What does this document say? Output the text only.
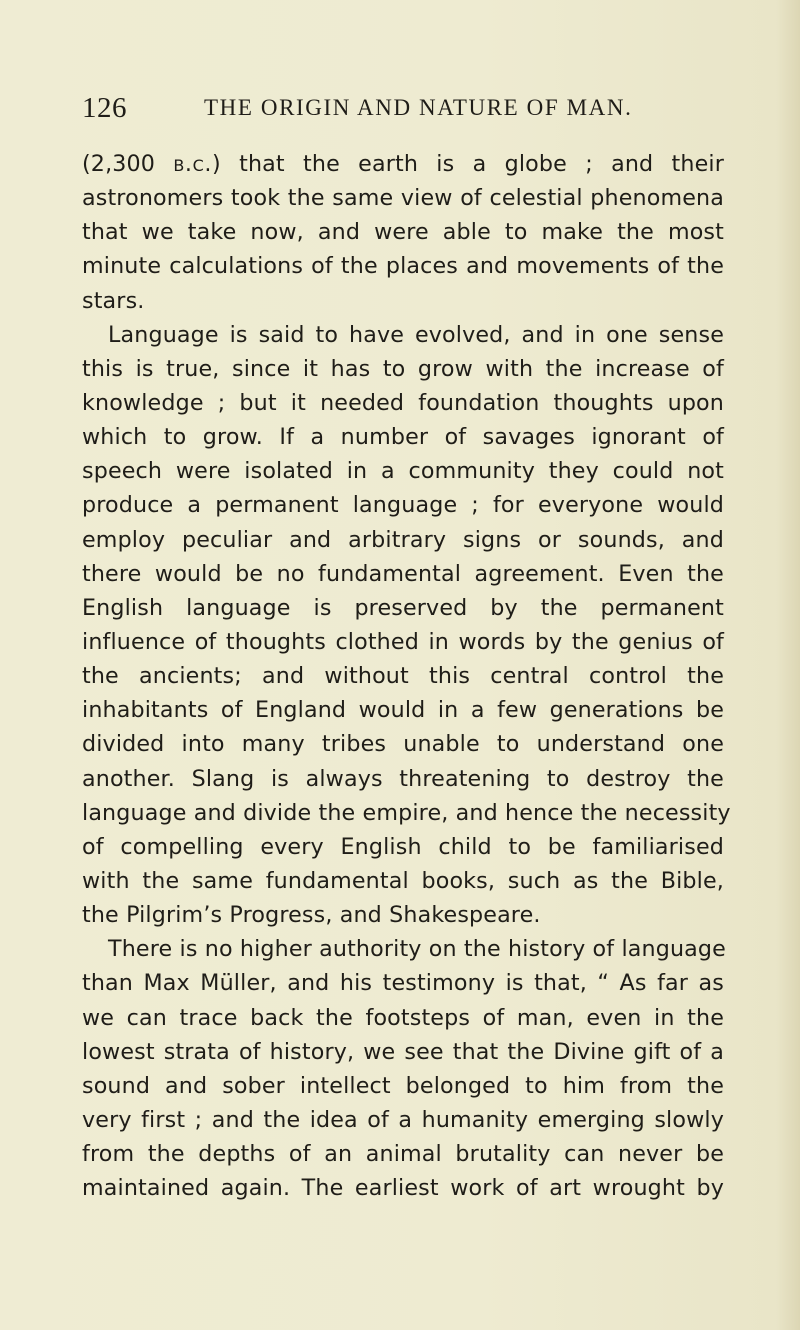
126	THE ORIGIN AND NATURE OF MAN.
(2,300 b.c.) that the earth is a globe ; and their
astronomers took the same view of celestial phenomena
that we take now, and were able to make the most
minute calculations of the places and movements of the
stars.
Language is said to have evolved, and in one sense
this is true, since it has to grow with the increase of
knowledge ; but it needed foundation thoughts upon
which to grow. If a number of savages ignorant of
speech were isolated in a community they could not
produce a permanent language ; for everyone would
employ peculiar and arbitrary signs or sounds, and
there would be no fundamental agreement. Even the
English language is preserved by the permanent
influence of thoughts clothed in words by the genius of
the ancients; and without this central control the
inhabitants of England would in a few generations be
divided into many tribes unable to understand one
another. Slang is always threatening to destroy the
language and divide the empire, and hence the necessity
of compelling every English child to be familiarised
with the same fundamental books, such as the Bible,
the Pilgrim’s Progress, and Shakespeare.
There is no higher authority on the history of language
than Max Müller, and his testimony is that, “ As far as
we can trace back the footsteps of man, even in the
lowest strata of history, we see that the Divine gift of a
sound and sober intellect belonged to him from the
very first ; and the idea of a humanity emerging slowly
from the depths of an animal brutality can never be
maintained again. The earliest work of art wrought by
